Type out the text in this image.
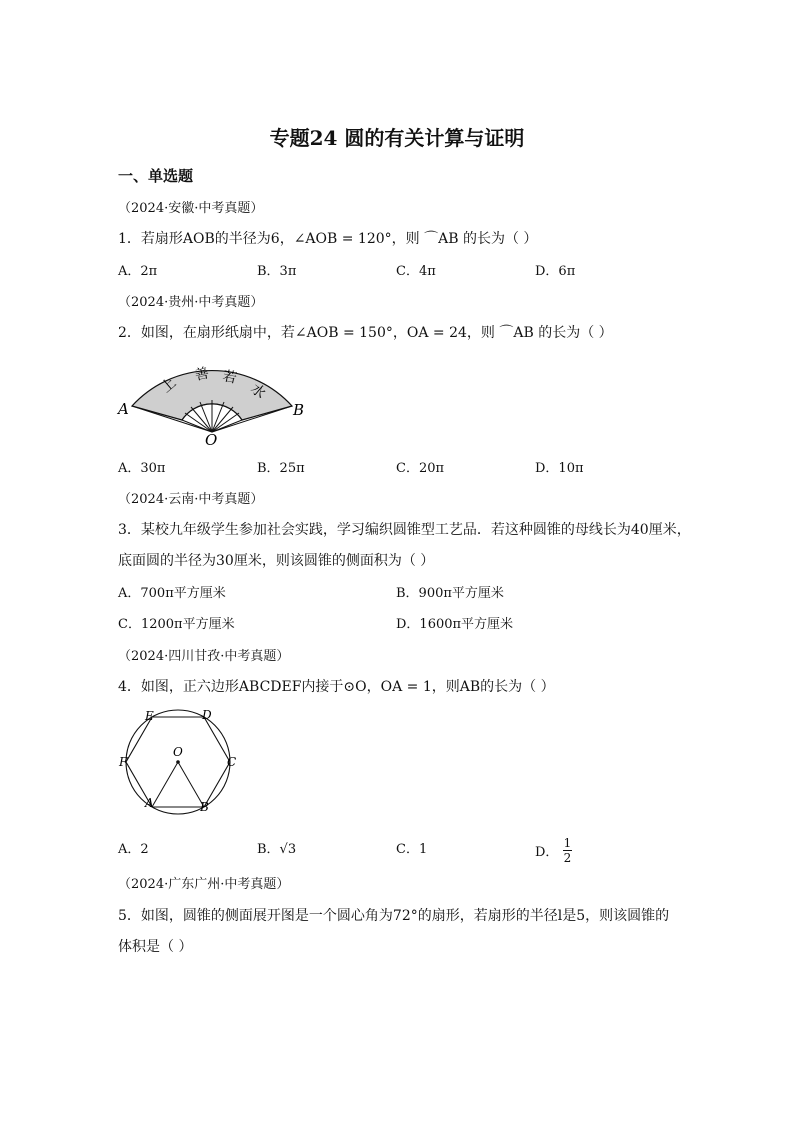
专题24 圆的有关计算与证明
一、单选题
（2024·安徽·中考真题）
1．若扇形AOB的半径为6，∠AOB = 120°，则 ⌒AB 的长为（ ）
A．2π	B．3π	C．4π	D．6π
（2024·贵州·中考真题）
2．如图，在扇形纸扇中，若∠AOB = 150°，OA = 24，则 ⌒AB 的长为（ ）
上
善 若
水
A	B
O
A．30π	B．25π	C．20π	D．10π
（2024·云南·中考真题）
3．某校九年级学生参加社会实践，学习编织圆锥型工艺品．若这种圆锥的母线长为40厘米，
底面圆的半径为30厘米，则该圆锥的侧面积为（ ）
A．700π平方厘米	B．900π平方厘米
C．1200π平方厘米	D．1600π平方厘米
（2024·四川甘孜·中考真题）
4．如图，正六边形ABCDEF内接于⊙O，OA = 1，则AB的长为（ ）
E	D
F	C
O
A	B
A．2	B．√3	C．1	D． $\frac{1}{2}$
（2024·广东广州·中考真题）
5．如图，圆锥的侧面展开图是一个圆心角为72°的扇形，若扇形的半径l是5，则该圆锥的
体积是（ ）
